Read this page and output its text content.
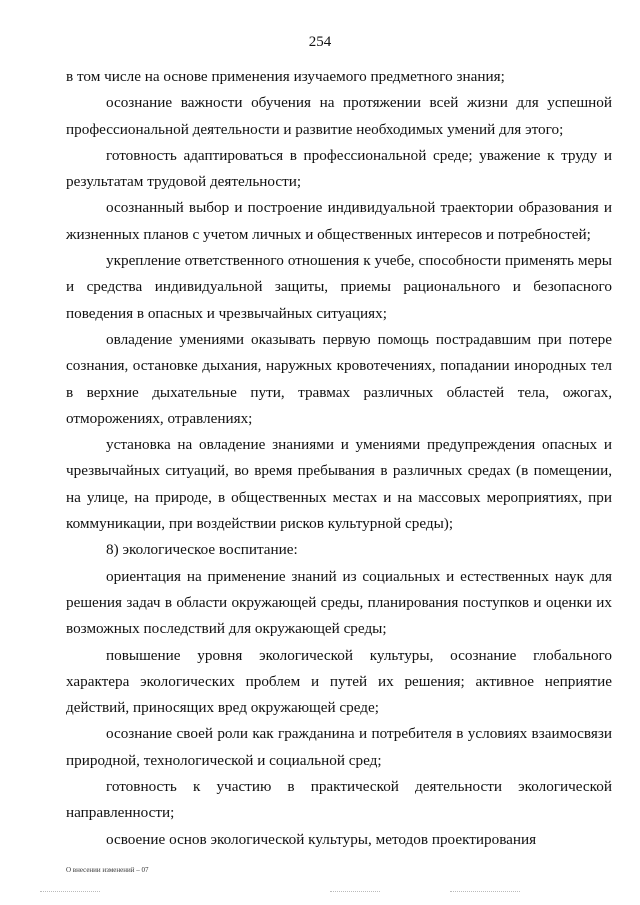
254

в том числе на основе применения изучаемого предметного знания;

осознание важности обучения на протяжении всей жизни для успешной профессиональной деятельности и развитие необходимых умений для этого;

готовность адаптироваться в профессиональной среде; уважение к труду и результатам трудовой деятельности;

осознанный выбор и построение индивидуальной траектории образования и жизненных планов с учетом личных и общественных интересов и потребностей;

укрепление ответственного отношения к учебе, способности применять меры и средства индивидуальной защиты, приемы рационального и безопасного поведения в опасных и чрезвычайных ситуациях;

овладение умениями оказывать первую помощь пострадавшим при потере сознания, остановке дыхания, наружных кровотечениях, попадании инородных тел в верхние дыхательные пути, травмах различных областей тела, ожогах, отморожениях, отравлениях;

установка на овладение знаниями и умениями предупреждения опасных и чрезвычайных ситуаций, во время пребывания в различных средах (в помещении, на улице, на природе, в общественных местах и на массовых мероприятиях, при коммуникации, при воздействии рисков культурной среды);

8) экологическое воспитание:

ориентация на применение знаний из социальных и естественных наук для решения задач в области окружающей среды, планирования поступков и оценки их возможных последствий для окружающей среды;

повышение уровня экологической культуры, осознание глобального характера экологических проблем и путей их решения; активное неприятие действий, приносящих вред окружающей среде;

осознание своей роли как гражданина и потребителя в условиях взаимосвязи природной, технологической и социальной сред;

готовность к участию в практической деятельности экологической направленности;

освоение основ экологической культуры, методов проектирования

О внесении изменений – 07
